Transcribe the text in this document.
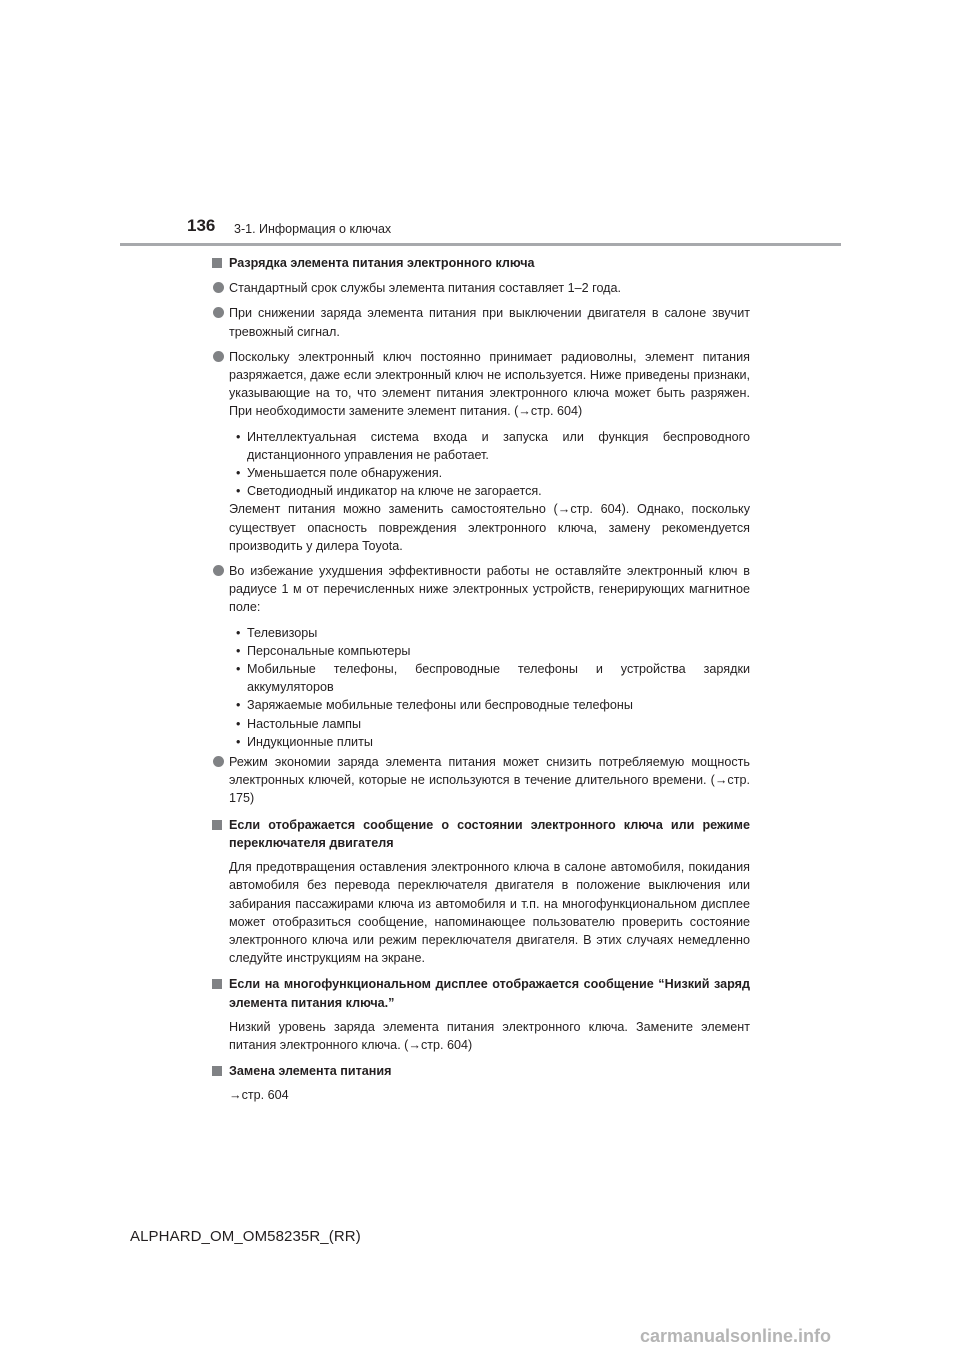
136 3-1. Информация о ключах
Разрядка элемента питания электронного ключа
Стандартный срок службы элемента питания составляет 1–2 года.
При снижении заряда элемента питания при выключении двигателя в салоне звучит тревожный сигнал.
Поскольку электронный ключ постоянно принимает радиоволны, элемент питания разряжается, даже если электронный ключ не используется. Ниже приведены признаки, указывающие на то, что элемент питания электронного ключа может быть разряжен. При необходимости замените элемент питания. (→стр. 604)
• Интеллектуальная система входа и запуска или функция беспроводного дистанционного управления не работает.
• Уменьшается поле обнаружения.
• Светодиодный индикатор на ключе не загорается.
Элемент питания можно заменить самостоятельно (→стр. 604). Однако, поскольку существует опасность повреждения электронного ключа, замену рекомендуется производить у дилера Toyota.
Во избежание ухудшения эффективности работы не оставляйте электронный ключ в радиусе 1 м от перечисленных ниже электронных устройств, генерирующих магнитное поле:
• Телевизоры
• Персональные компьютеры
• Мобильные телефоны, беспроводные телефоны и устройства зарядки аккумуляторов
• Заряжаемые мобильные телефоны или беспроводные телефоны
• Настольные лампы
• Индукционные плиты
Режим экономии заряда элемента питания может снизить потребляемую мощность электронных ключей, которые не используются в течение длительного времени. (→стр. 175)
Если отображается сообщение о состоянии электронного ключа или режиме переключателя двигателя
Для предотвращения оставления электронного ключа в салоне автомобиля, покидания автомобиля без перевода переключателя двигателя в положение выключения или забирания пассажирами ключа из автомобиля и т.п. на многофункциональном дисплее может отобразиться сообщение, напоминающее пользователю проверить состояние электронного ключа или режим переключателя двигателя. В этих случаях немедленно следуйте инструкциям на экране.
Если на многофункциональном дисплее отображается сообщение “Низкий заряд элемента питания ключа.”
Низкий уровень заряда элемента питания электронного ключа. Замените элемент питания электронного ключа. (→стр. 604)
Замена элемента питания
→стр. 604
ALPHARD_OM_OM58235R_(RR)
carmanualsonline.info
